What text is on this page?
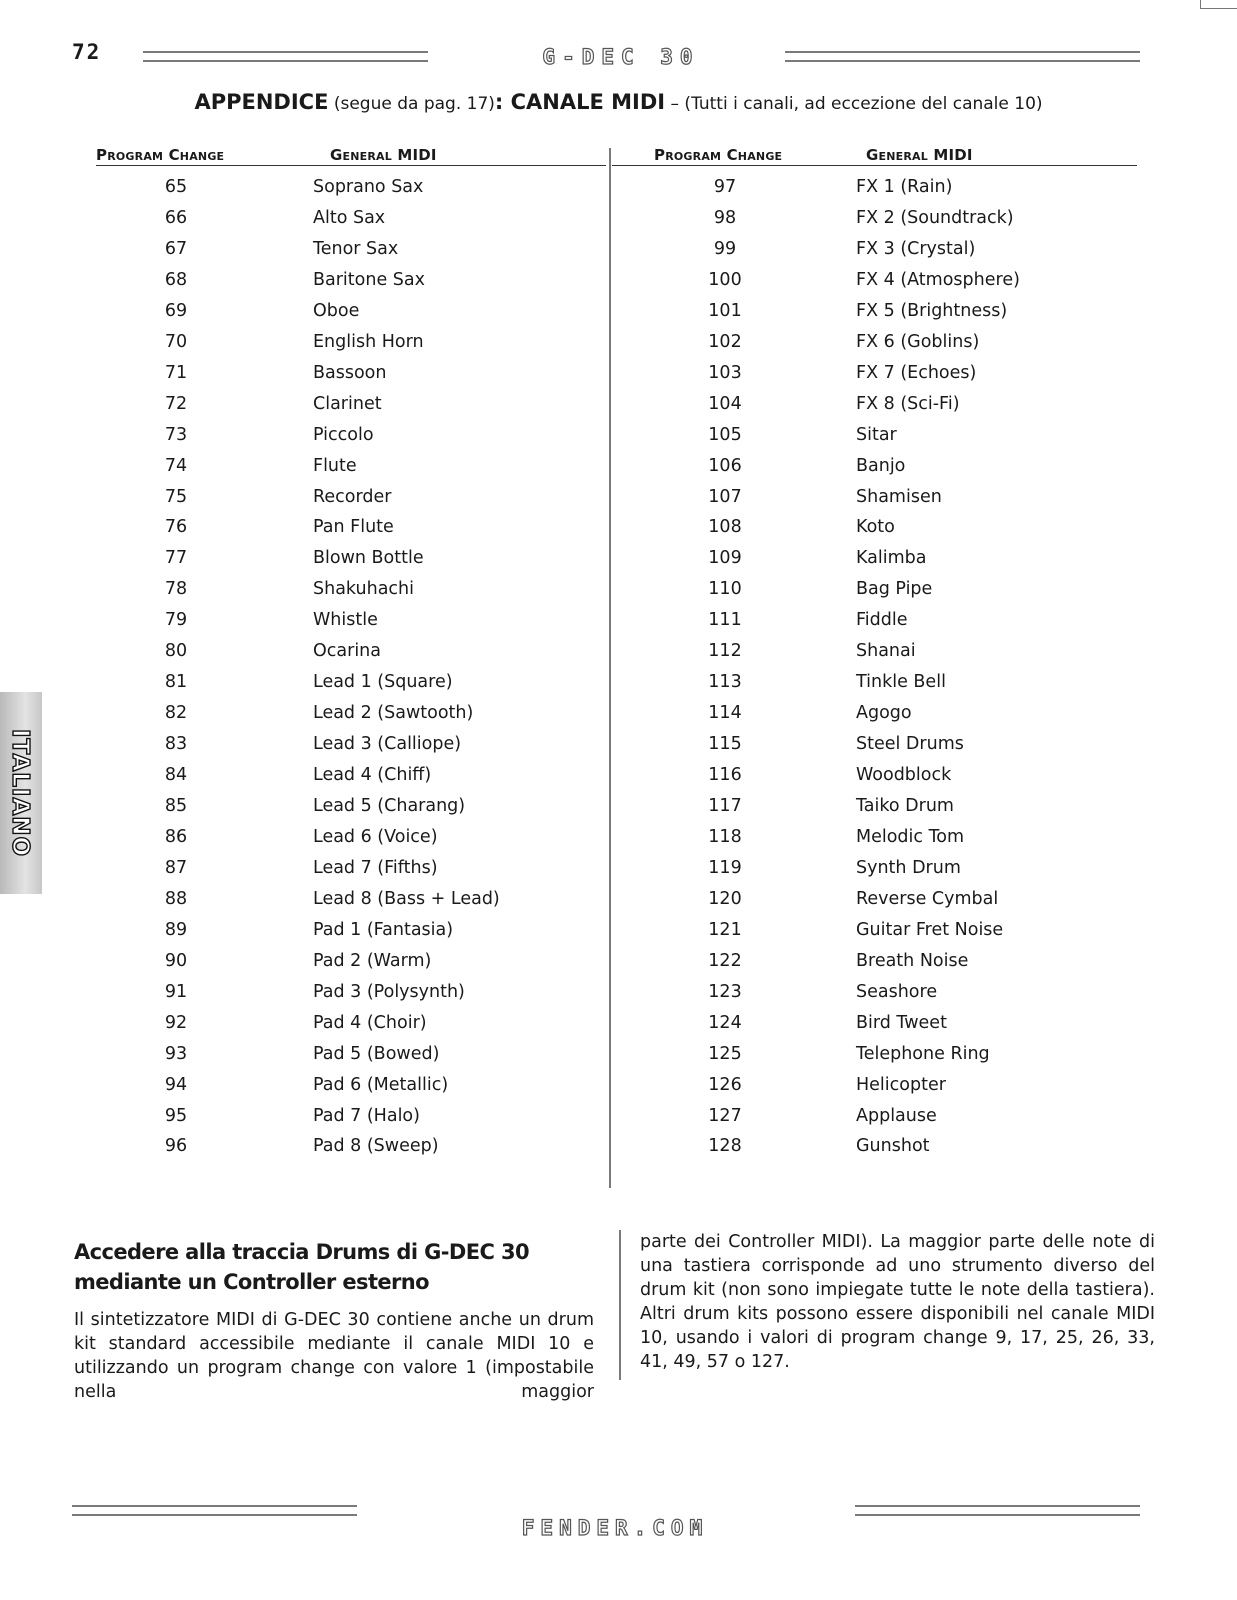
72	G-DEC 30
APPENDICE (segue da pag. 17): CANALE MIDI – (Tutti i canali, ad eccezione del canale 10)
Program Change	General MIDI	Program Change	General MIDI
65	Soprano Sax
66	Alto Sax
67	Tenor Sax
68	Baritone Sax
69	Oboe
70	English Horn
71	Bassoon
72	Clarinet
73	Piccolo
74	Flute
75	Recorder
76	Pan Flute
77	Blown Bottle
78	Shakuhachi
79	Whistle
80	Ocarina
81	Lead 1 (Square)
82	Lead 2 (Sawtooth)
83	Lead 3 (Calliope)
84	Lead 4 (Chiff)
85	Lead 5 (Charang)
86	Lead 6 (Voice)
87	Lead 7 (Fifths)
88	Lead 8 (Bass + Lead)
89	Pad 1 (Fantasia)
90	Pad 2 (Warm)
91	Pad 3 (Polysynth)
92	Pad 4 (Choir)
93	Pad 5 (Bowed)
94	Pad 6 (Metallic)
95	Pad 7 (Halo)
96	Pad 8 (Sweep)
97	FX 1 (Rain)
98	FX 2 (Soundtrack)
99	FX 3 (Crystal)
100	FX 4 (Atmosphere)
101	FX 5 (Brightness)
102	FX 6 (Goblins)
103	FX 7 (Echoes)
104	FX 8 (Sci-Fi)
105	Sitar
106	Banjo
107	Shamisen
108	Koto
109	Kalimba
110	Bag Pipe
111	Fiddle
112	Shanai
113	Tinkle Bell
114	Agogo
115	Steel Drums
116	Woodblock
117	Taiko Drum
118	Melodic Tom
119	Synth Drum
120	Reverse Cymbal
121	Guitar Fret Noise
122	Breath Noise
123	Seashore
124	Bird Tweet
125	Telephone Ring
126	Helicopter
127	Applause
128	Gunshot
ITALIANO
Accedere alla traccia Drums di G-DEC 30 mediante un Controller esterno
Il sintetizzatore MIDI di G-DEC 30 contiene anche un drum kit standard accessibile mediante il canale MIDI 10 e utilizzando un program change con valore 1 (impostabile nella maggior
parte dei Controller MIDI). La maggior parte delle note di una tastiera corrisponde ad uno strumento diverso del drum kit (non sono impiegate tutte le note della tastiera). Altri drum kits possono essere disponibili nel canale MIDI 10, usando i valori di program change 9, 17, 25, 26, 33, 41, 49, 57 o 127.
FENDER.COM
